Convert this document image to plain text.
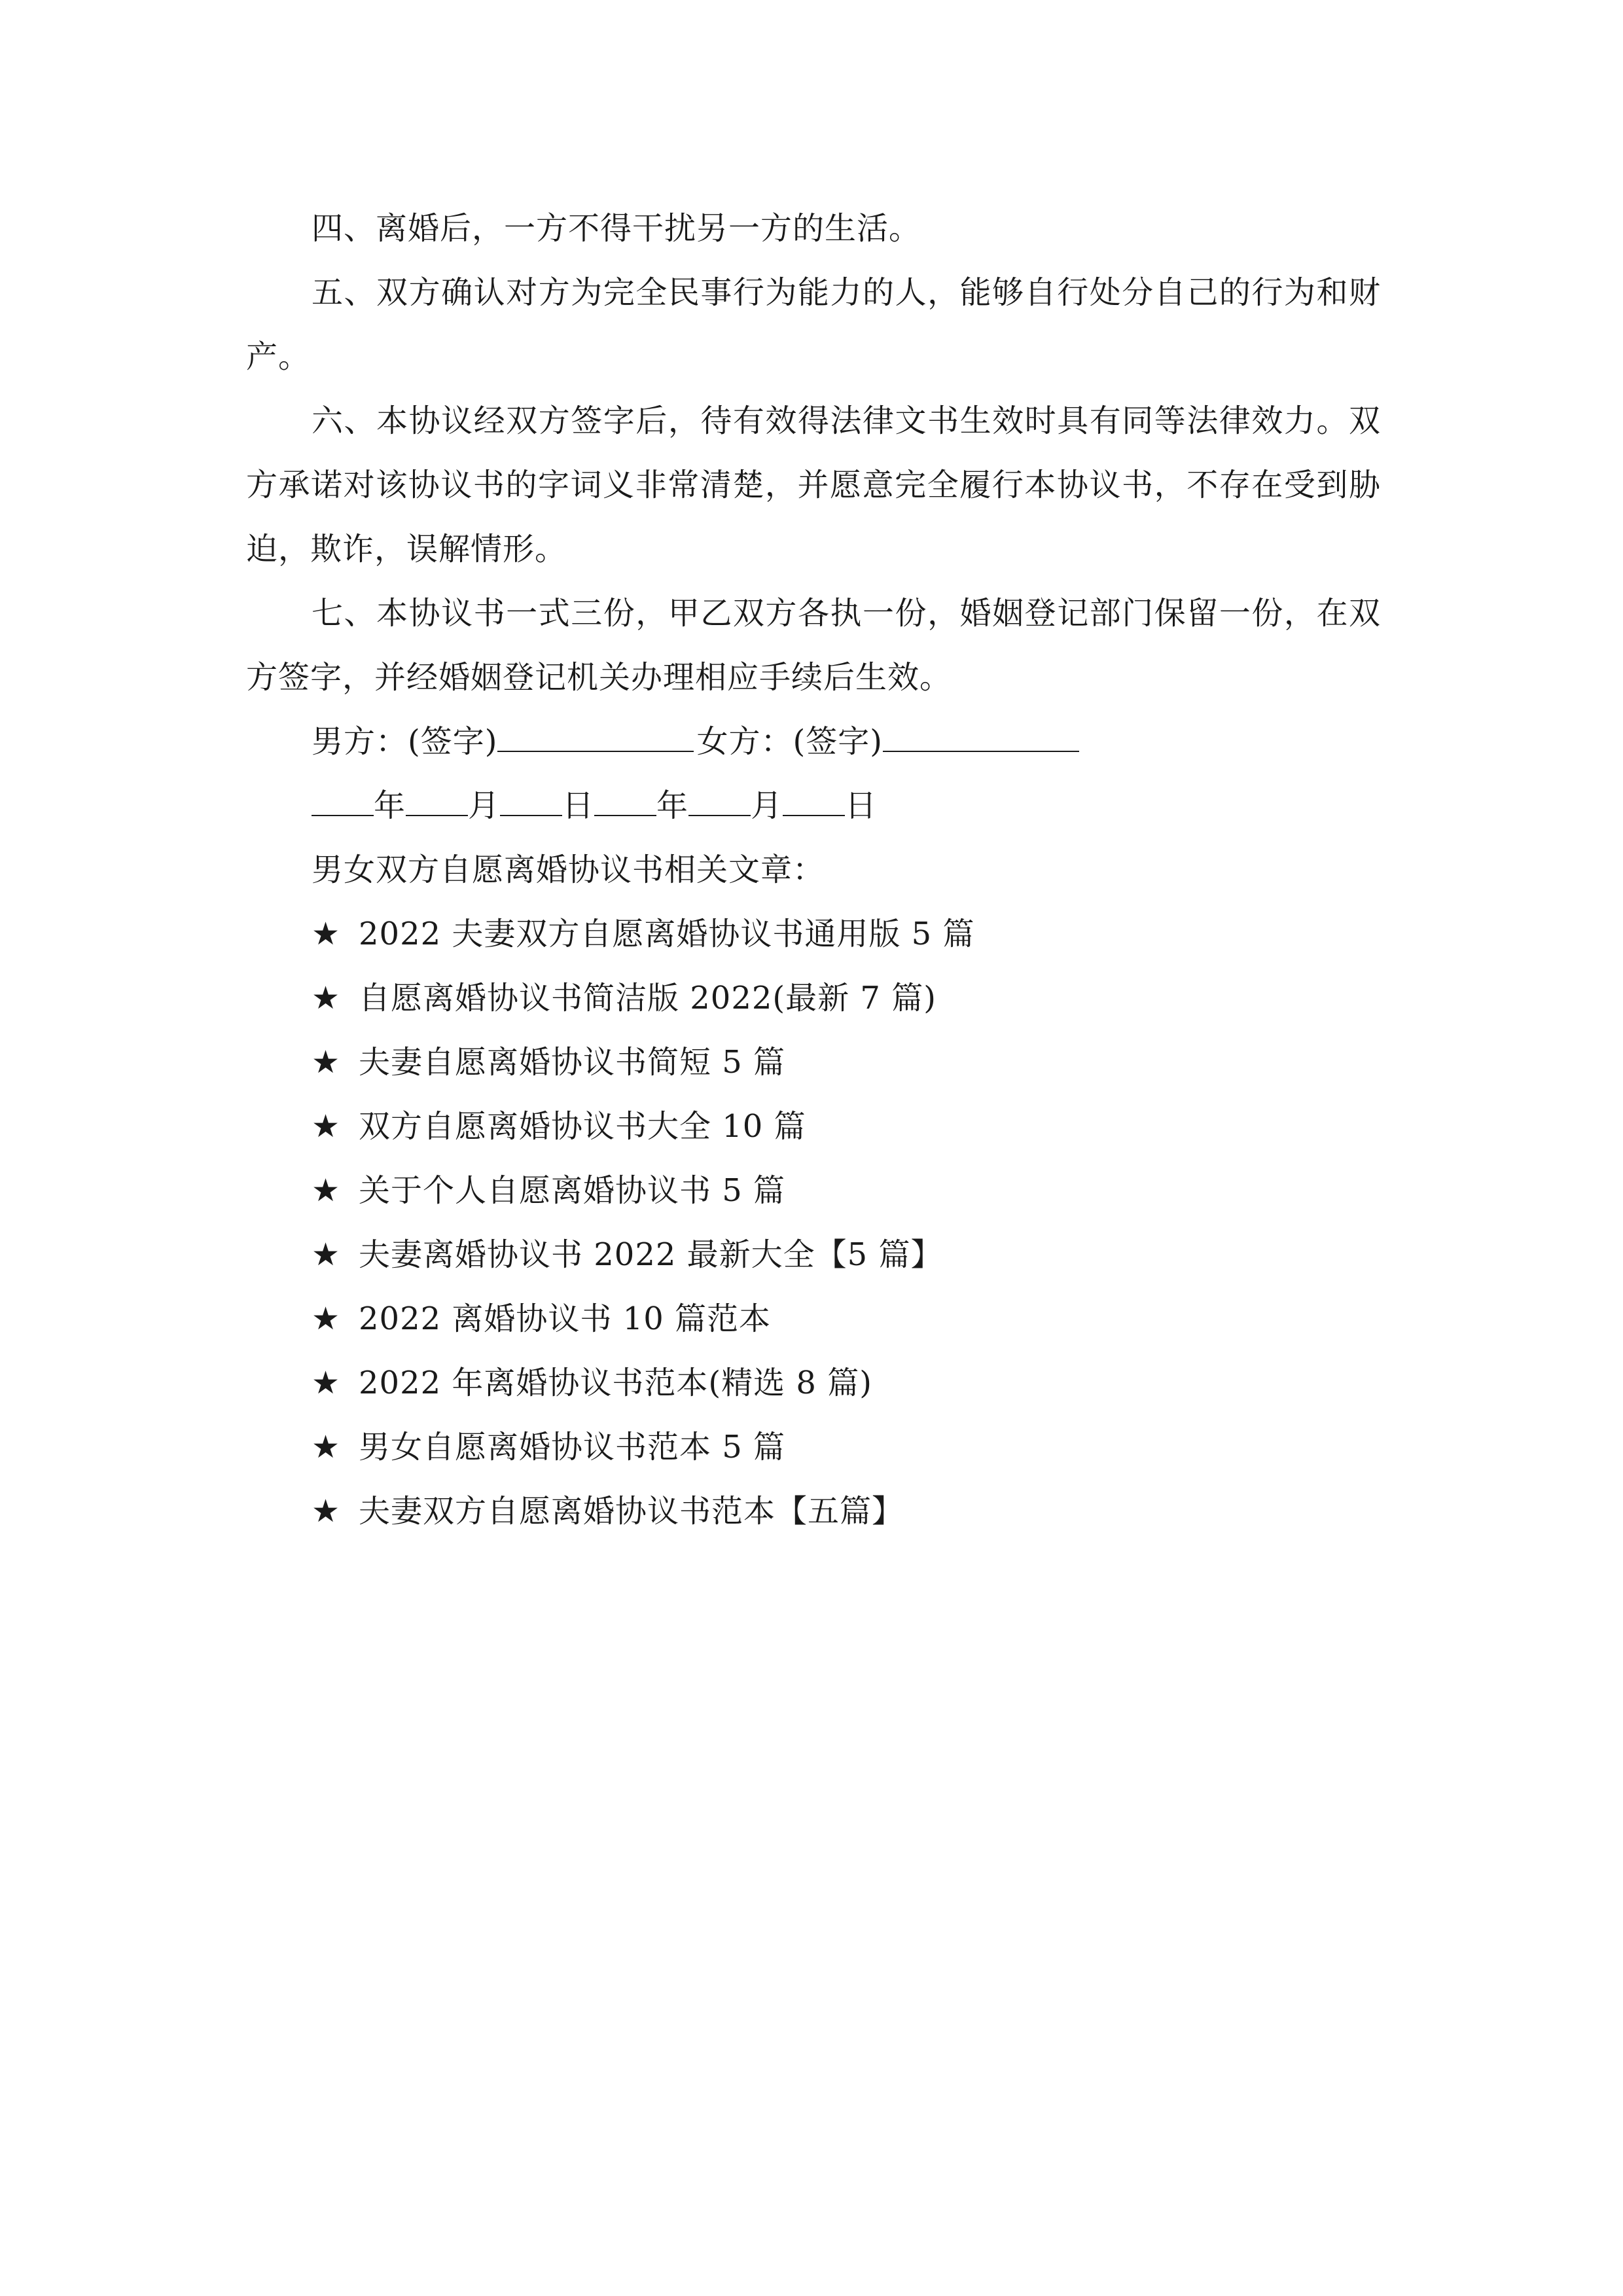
四、离婚后，一方不得干扰另一方的生活。

五、双方确认对方为完全民事行为能力的人，能够自行处分自己的行为和财产。

六、本协议经双方签字后，待有效得法律文书生效时具有同等法律效力。双方承诺对该协议书的字词义非常清楚，并愿意完全履行本协议书，不存在受到胁迫，欺诈，误解情形。

七、本协议书一式三份，甲乙双方各执一份，婚姻登记部门保留一份，在双方签字，并经婚姻登记机关办理相应手续后生效。

男方：(签字)	女方：(签字)

年 月 日 年 月 日

男女双方自愿离婚协议书相关文章：

★ 2022 夫妻双方自愿离婚协议书通用版 5 篇

★ 自愿离婚协议书简洁版 2022(最新 7 篇)

★ 夫妻自愿离婚协议书简短 5 篇

★ 双方自愿离婚协议书大全 10 篇

★ 关于个人自愿离婚协议书 5 篇

★ 夫妻离婚协议书 2022 最新大全【5 篇】

★ 2022 离婚协议书 10 篇范本

★ 2022 年离婚协议书范本(精选 8 篇)

★ 男女自愿离婚协议书范本 5 篇

★ 夫妻双方自愿离婚协议书范本【五篇】
